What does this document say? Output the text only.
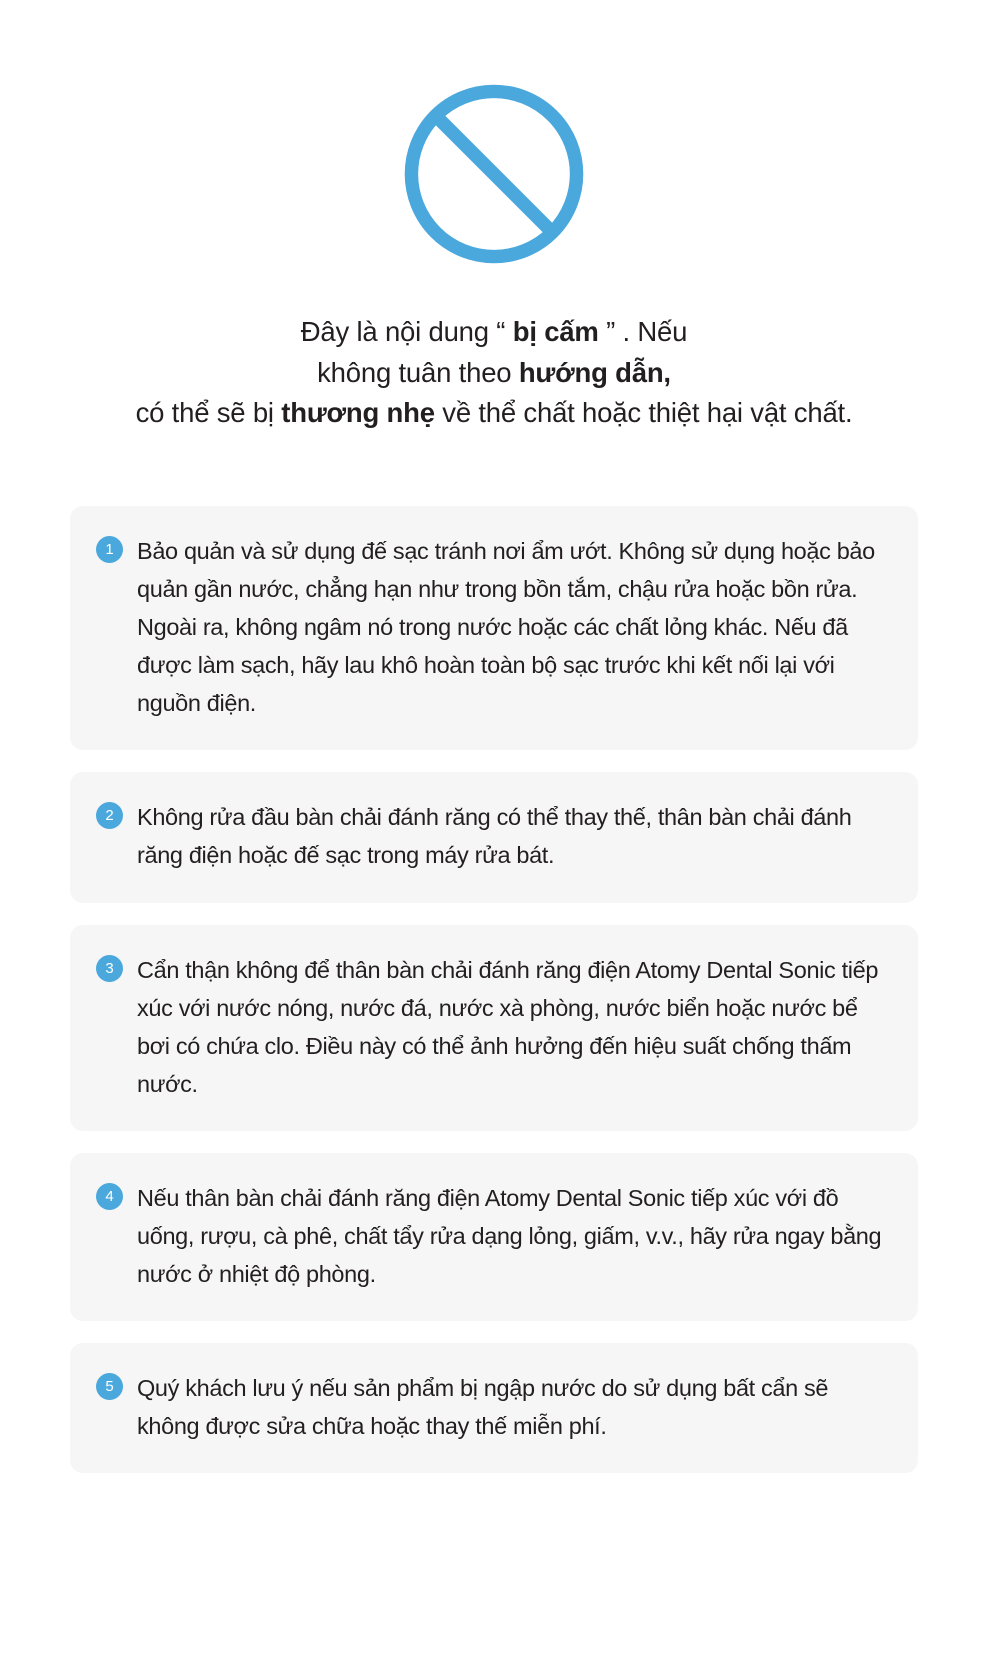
Đây là nội dung “ bị cấm ” . Nếu
không tuân theo hướng dẫn,
có thể sẽ bị thương nhẹ về thể chất hoặc thiệt hại vật chất.
1 Bảo quản và sử dụng đế sạc tránh nơi ẩm ướt. Không sử dụng hoặc bảo quản gần nước, chẳng hạn như trong bồn tắm, chậu rửa hoặc bồn rửa. Ngoài ra, không ngâm nó trong nước hoặc các chất lỏng khác. Nếu đã được làm sạch, hãy lau khô hoàn toàn bộ sạc trước khi kết nối lại với nguồn điện.
2 Không rửa đầu bàn chải đánh răng có thể thay thế, thân bàn chải đánh răng điện hoặc đế sạc trong máy rửa bát.
3 Cẩn thận không để thân bàn chải đánh răng điện Atomy Dental Sonic tiếp xúc với nước nóng, nước đá, nước xà phòng, nước biển hoặc nước bể bơi có chứa clo. Điều này có thể ảnh hưởng đến hiệu suất chống thấm nước.
4 Nếu thân bàn chải đánh răng điện Atomy Dental Sonic tiếp xúc với đồ uống, rượu, cà phê, chất tẩy rửa dạng lỏng, giấm, v.v., hãy rửa ngay bằng nước ở nhiệt độ phòng.
5 Quý khách lưu ý nếu sản phẩm bị ngập nước do sử dụng bất cẩn sẽ không được sửa chữa hoặc thay thế miễn phí.
